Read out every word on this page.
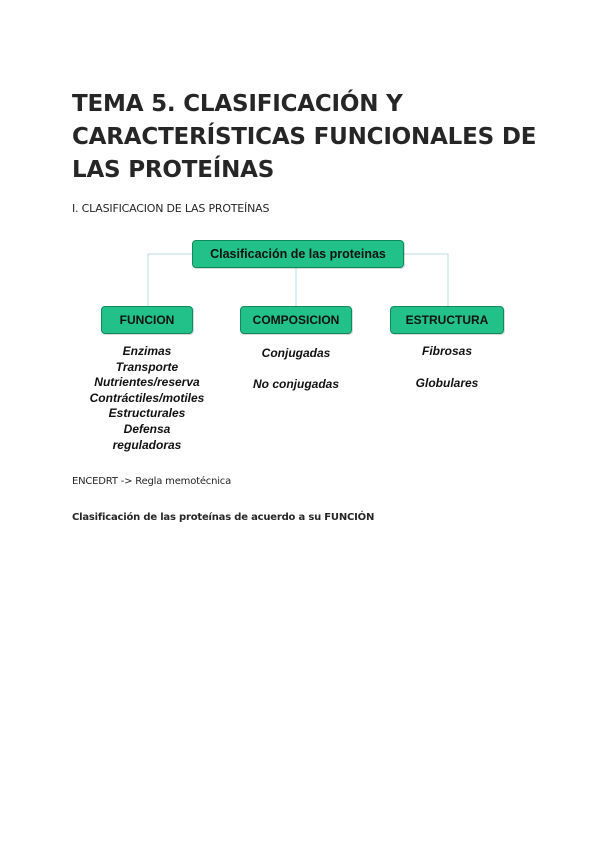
TEMA 5. CLASIFICACIÓN Y CARACTERÍSTICAS FUNCIONALES DE LAS PROTEÍNAS
I. CLASIFICACION DE LAS PROTEÍNAS
Clasificación de las proteinas
FUNCION	COMPOSICION	ESTRUCTURA
Enzimas
Transporte
Nutrientes/reserva
Contráctiles/motiles
Estructurales
Defensa
reguladoras
Conjugadas
No conjugadas
Fibrosas
Globulares

ENCEDRT -> Regla memotécnica

Clasificación de las proteínas de acuerdo a su FUNCIÓN
